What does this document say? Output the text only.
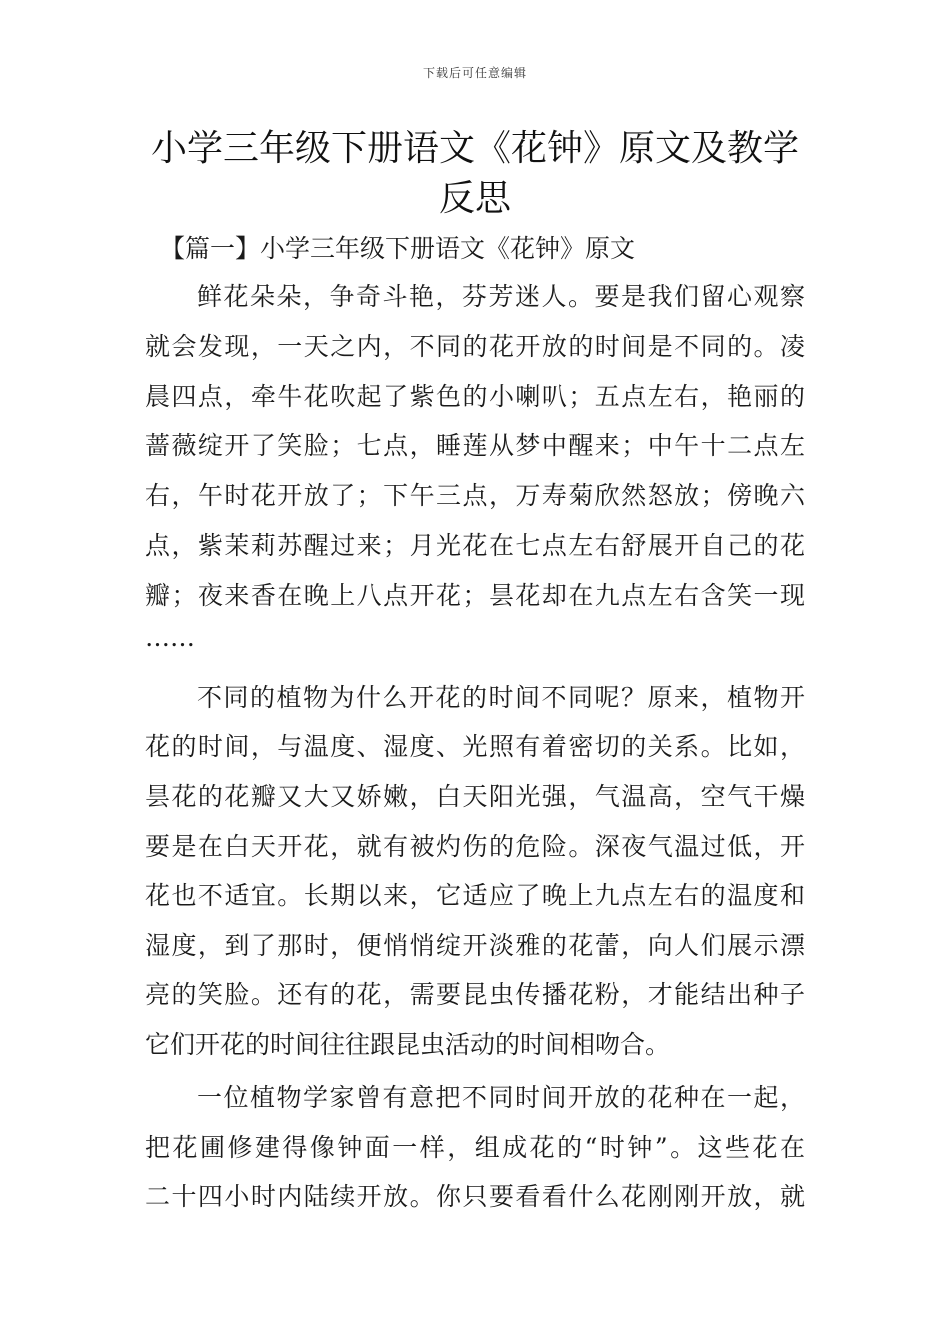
下载后可任意编辑
小学三年级下册语文《花钟》原文及教学
反思
【篇一】小学三年级下册语文《花钟》原文
鲜花朵朵，争奇斗艳，芬芳迷人。要是我们留心观察
就会发现，一天之内，不同的花开放的时间是不同的。凌
晨四点，牵牛花吹起了紫色的小喇叭；五点左右，艳丽的
蔷薇绽开了笑脸；七点，睡莲从梦中醒来；中午十二点左
右，午时花开放了；下午三点，万寿菊欣然怒放；傍晚六
点，紫茉莉苏醒过来；月光花在七点左右舒展开自己的花
瓣；夜来香在晚上八点开花；昙花却在九点左右含笑一现
……
不同的植物为什么开花的时间不同呢？原来，植物开
花的时间，与温度、湿度、光照有着密切的关系。比如，
昙花的花瓣又大又娇嫩，白天阳光强，气温高，空气干燥
要是在白天开花，就有被灼伤的危险。深夜气温过低，开
花也不适宜。长期以来，它适应了晚上九点左右的温度和
湿度，到了那时，便悄悄绽开淡雅的花蕾，向人们展示漂
亮的笑脸。还有的花，需要昆虫传播花粉，才能结出种子
它们开花的时间往往跟昆虫活动的时间相吻合。
一位植物学家曾有意把不同时间开放的花种在一起，
把花圃修建得像钟面一样，组成花的“时钟”。这些花在
二十四小时内陆续开放。你只要看看什么花刚刚开放，就
